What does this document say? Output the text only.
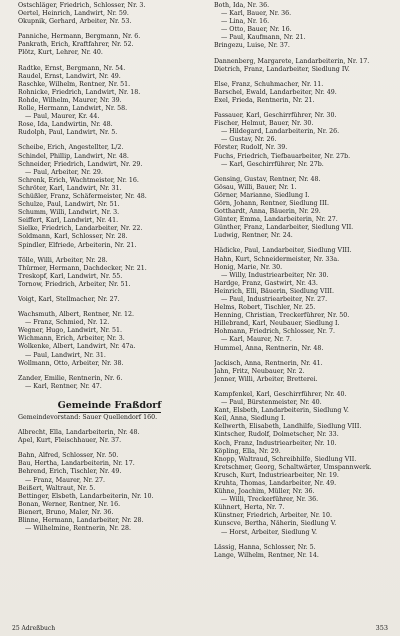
Ostschläger, Friedrich, Schlosser, Nr. 3.
Oertel, Heinrich, Landwirt, Nr. 59.
Okupnik, Gerhard, Arbeiter, Nr. 53.
Panniche, Hermann, Bergmann, Nr. 6.
Pankrath, Erich, Kraftfahrer, Nr. 52.
Plötz, Kurt, Lehrer, Nr. 40.
Radtke, Ernst, Bergmann, Nr. 54.
Raudel, Ernst, Landwirt, Nr. 49.
Raschke, Wilhelm, Rentner, Nr. 51.
Rohnicke, Friedrich, Landwirt, Nr. 18.
Rohde, Wilhelm, Maurer, Nr. 39.
Rolle, Hermann, Landwirt, Nr. 58.
— Paul, Maurer, Kr. 44.
Rose, Ida, Landwirtin, Nr. 48.
Rudolph, Paul, Landwirt, Nr. 5.
Scheibe, Erich, Angestellter, L/2.
Schindel, Phillip, Landwirt, Nr. 48.
Schneider, Friedrich, Landwirt, Nr. 29.
— Paul, Arbeiter, Nr. 29.
Schrenk, Erich, Wachtmeister, Nr. 16.
Schröter, Karl, Landwirt, Nr. 31.
Schüßler, Franz, Schäfermeister, Nr. 48.
Schulze, Paul, Landwirt, Nr. 51.
Schumm, Willi, Landwirt, Nr. 3.
Seiffert, Karl, Landwirt, Nr. 41.
Sielke, Friedrich, Landarbeiter, Nr. 22.
Soldmann, Karl, Schlosser, Nr. 28.
Spindler, Elfriede, Arbeiterin, Nr. 21.
Tölle, Willi, Arbeiter, Nr. 28.
Thürmer, Hermann, Dachdecker, Nr. 21.
Treskopf, Karl, Landwirt, Nr. 55.
Tornow, Friedrich, Arbeiter, Nr. 51.
Voigt, Karl, Stellmacher, Nr. 27.
Wachsmuth, Albert, Rentner, Nr. 12.
— Franz, Schmied, Nr. 12.
Wegner, Hugo, Landwirt, Nr. 51.
Wichmann, Erich, Arbeiter, Nr. 3.
Wolkenke, Albert, Landwirt, Nr. 47a.
— Paul, Landwirt, Nr. 31.
Wollmann, Otto, Arbeiter, Nr. 38.
Zander, Emilie, Rentnerin, Nr. 6.
— Karl, Rentner, Nr. 47.
Gemeinde Fraßdorf
Gemeindevorstand: Sauer Quellendorf 160.
Albrecht, Ella, Landarbeiterin, Nr. 48.
Apel, Kurt, Fleischhauer, Nr. 37.
Bahn, Alfred, Schlosser, Nr. 50.
Bau, Hertha, Landarbeiterin, Nr. 17.
Behrend, Erich, Tischler, Nr. 49.
— Franz, Maurer, Nr. 27.
Beißert, Waltraut, Nr. 5.
Bettinger, Elsbeth, Landarbeiterin, Nr. 10.
Bonan, Werner, Rentner, Nr. 16.
Bienert, Bruno, Maler, Nr. 36.
Blinne, Hermann, Landarbeiter, Nr. 28.
— Wilhelmine, Rentnerin, Nr. 28.
Both, Ida, Nr. 36.
— Karl, Bauer, Nr. 36.
— Lina, Nr. 16.
— Otto, Bauer, Nr. 16.
— Paul, Kaufmann, Nr. 21.
Bringezu, Luise, Nr. 37.
Dannenberg, Margarete, Landarbeiterin, Nr. 17.
Dietrich, Franz, Landarbeiter, Siedlung IV.
Else, Franz, Schuhmacher, Nr. 11.
Barschel, Ewald, Landarbeiter, Nr. 49.
Exel, Frieda, Rentnerin, Nr. 21.
Fassauer, Karl, Geschirrführer, Nr. 30.
Fischer, Helmut, Bauer, Nr. 30.
— Hildegard, Landarbeiterin, Nr. 26.
— Gustav, Nr. 26.
Förster, Rudolf, Nr. 39.
Fuchs, Friedrich, Tiefbauarbeiter, Nr. 27b.
— Karl, Geschirrführer, Nr. 27b.
Gensing, Gustav, Rentner, Nr. 48.
Gösau, Willi, Bauer, Nr. 1.
Görner, Marianne, Siedlung I.
Görn, Johann, Rentner, Siedlung III.
Gotthardt, Anna, Bäuerin, Nr. 29.
Günter, Emma, Landarbeiterin, Nr. 27.
Günther, Franz, Landarbeiter, Siedlung VII.
Ludwig, Rentner, Nr. 24.
Hädicke, Paul, Landarbeiter, Siedlung VIII.
Hahn, Kurt, Schneidermeister, Nr. 33a.
Honig, Marie, Nr. 30.
— Willy, Industriearbeiter, Nr. 30.
Hardge, Franz, Gastwirt, Nr. 43.
Heinrich, Elli, Bäuerin, Siedlung VIII.
— Paul, Industriearbeiter, Nr. 27.
Helms, Robert, Tischler, Nr. 25.
Henning, Christian, Treckerführer, Nr. 50.
Hillebrand, Karl, Neubauer, Siedlung I.
Hohmann, Friedrich, Schlosser, Nr. 7.
— Karl, Maurer, Nr. 7.
Hummel, Anna, Rentnerin, Nr. 48.
Jackisch, Anna, Rentnerin, Nr. 41.
Jahn, Fritz, Neubauer, Nr. 2.
Jenner, Willi, Arbeiter, Bretterei.
Kampfenkel, Karl, Geschirrführer, Nr. 40.
— Paul, Bürstenmeister, Nr. 40.
Kant, Elsbeth, Landarbeiterin, Siedlung V.
Keil, Anna, Siedlung I.
Kellwerth, Elisabeth, Landhilfe, Siedlung VIII.
Kintscher, Rudolf, Dolmetscher, Nr. 33.
Koch, Franz, Industriearbeiter, Nr. 10.
Köpling, Ella, Nr. 29.
Knopp, Waltraud, Schreibhilfe, Siedlung VII.
Kretschmer, Georg, Schaltwärter, Umspannwerk.
Krusch, Kurt, Industriearbeiter, Nr. 19.
Kruhta, Thomas, Landarbeiter, Nr. 49.
Kühne, Joachim, Müller, Nr. 36.
— Willi, Treckerführer, Nr. 36.
Kühnert, Herta, Nr. 7.
Künstner, Friedrich, Arbeiter, Nr. 10.
Kunscve, Bertha, Näherin, Siedlung V.
— Horst, Arbeiter, Siedlung V.
Lässig, Hanna, Schlosser, Nr. 5.
Lange, Wilhelm, Rentner, Nr. 14.
25 Adreßbuch	353
